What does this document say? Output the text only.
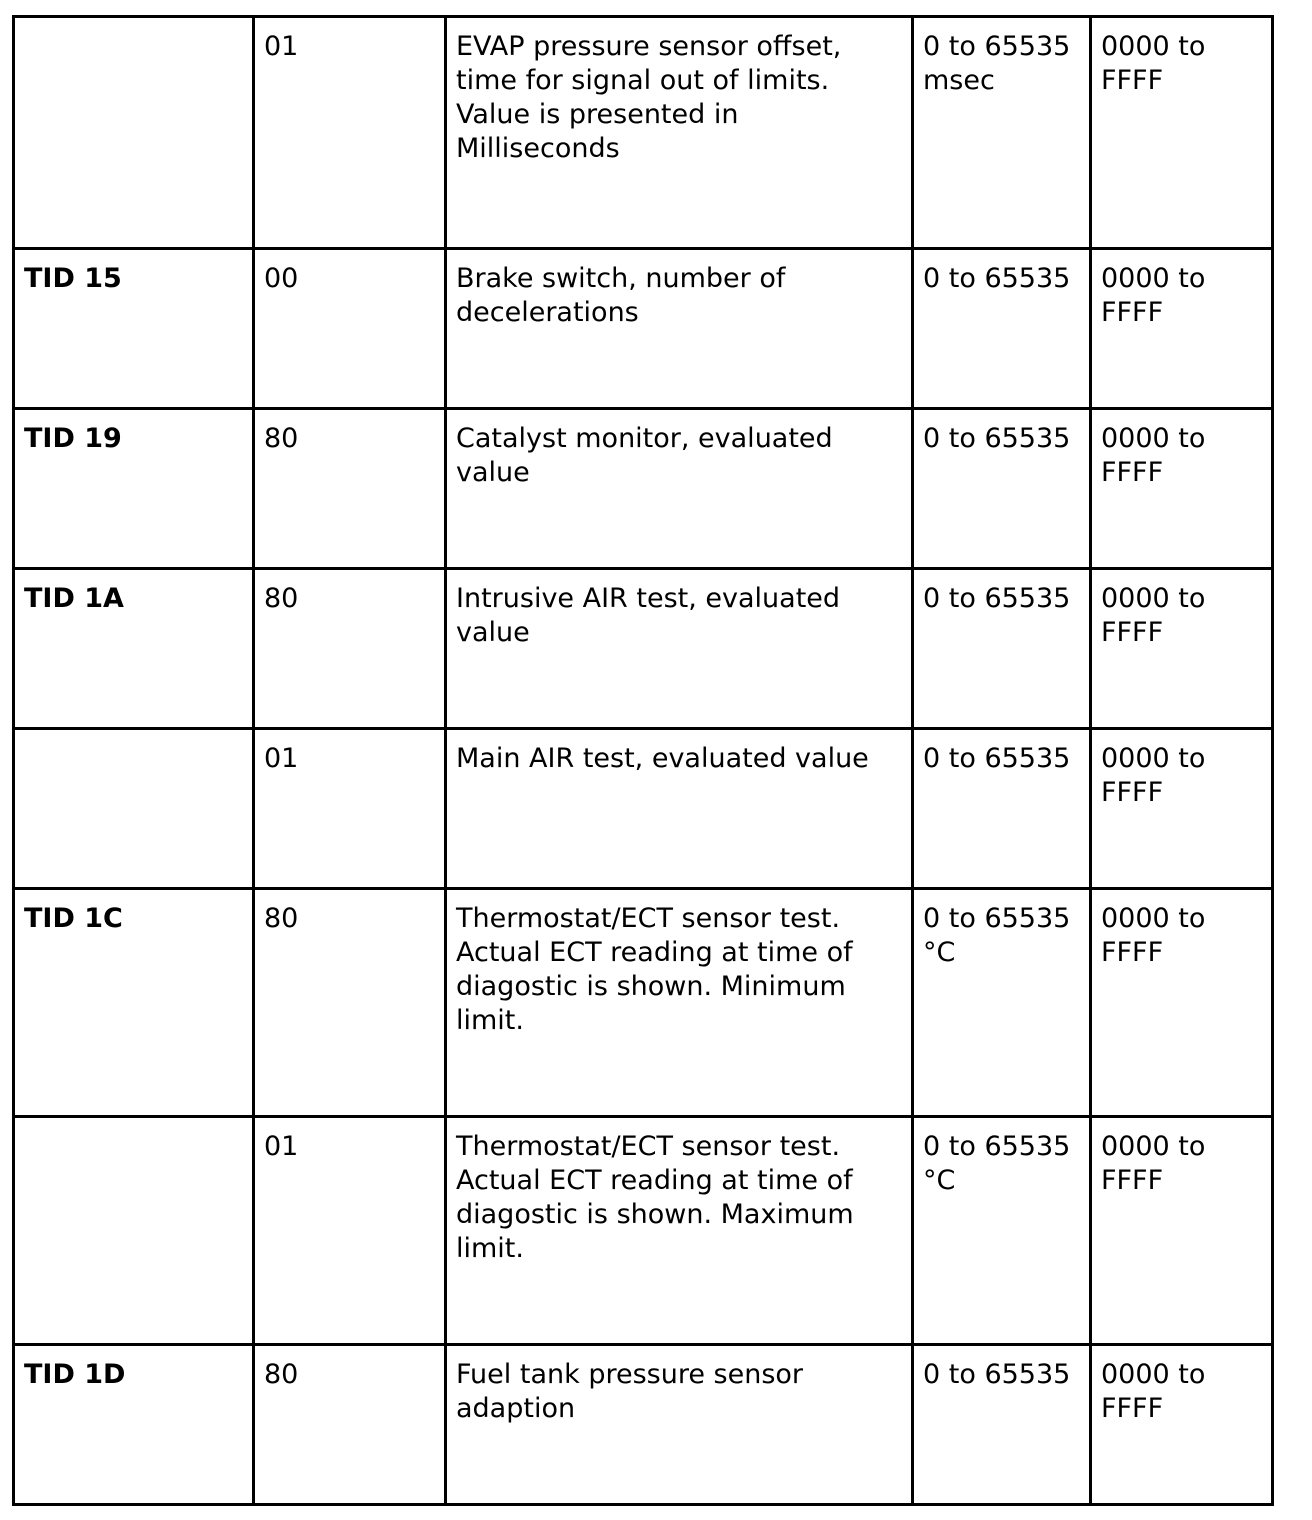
	01	EVAP pressure sensor offset, time for signal out of limits. Value is presented in Milliseconds	0 to 65535 msec	0000 to FFFF
TID 15	00	Brake switch, number of decelerations	0 to 65535	0000 to FFFF
TID 19	80	Catalyst monitor, evaluated value	0 to 65535	0000 to FFFF
TID 1A	80	Intrusive AIR test, evaluated value	0 to 65535	0000 to FFFF
	01	Main AIR test, evaluated value	0 to 65535	0000 to FFFF
TID 1C	80	Thermostat/ECT sensor test. Actual ECT reading at time of diagostic is shown. Minimum limit.	0 to 65535 °C	0000 to FFFF
	01	Thermostat/ECT sensor test. Actual ECT reading at time of diagostic is shown. Maximum limit.	0 to 65535 °C	0000 to FFFF
TID 1D	80	Fuel tank pressure sensor adaption	0 to 65535	0000 to FFFF
